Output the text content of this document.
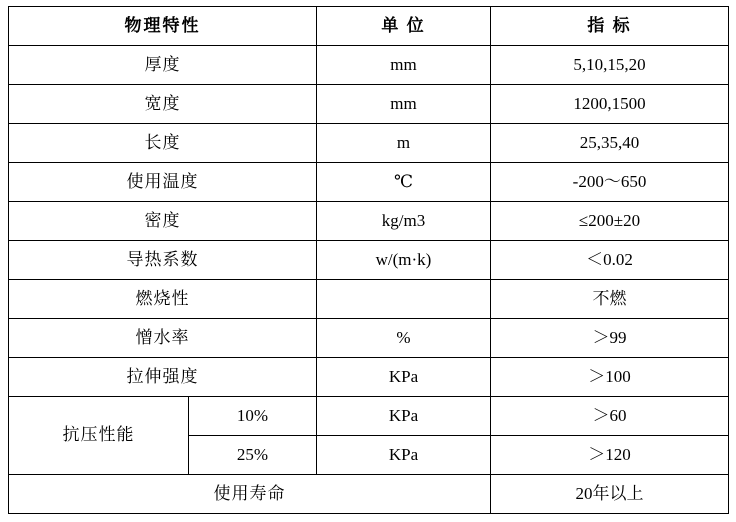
物理特性		单 位	指 标
厚度		mm	5,10,15,20
宽度		mm	1200,1500
长度		m	25,35,40
使用温度		℃	-200～650
密度		kg/m3	≤200±20
导热系数		w/(m·k)	＜0.02
燃烧性			不燃
憎水率		%	＞99
拉伸强度		KPa	＞100
抗压性能	10%	KPa	＞60
	25%	KPa	＞120
使用寿命			20年以上
